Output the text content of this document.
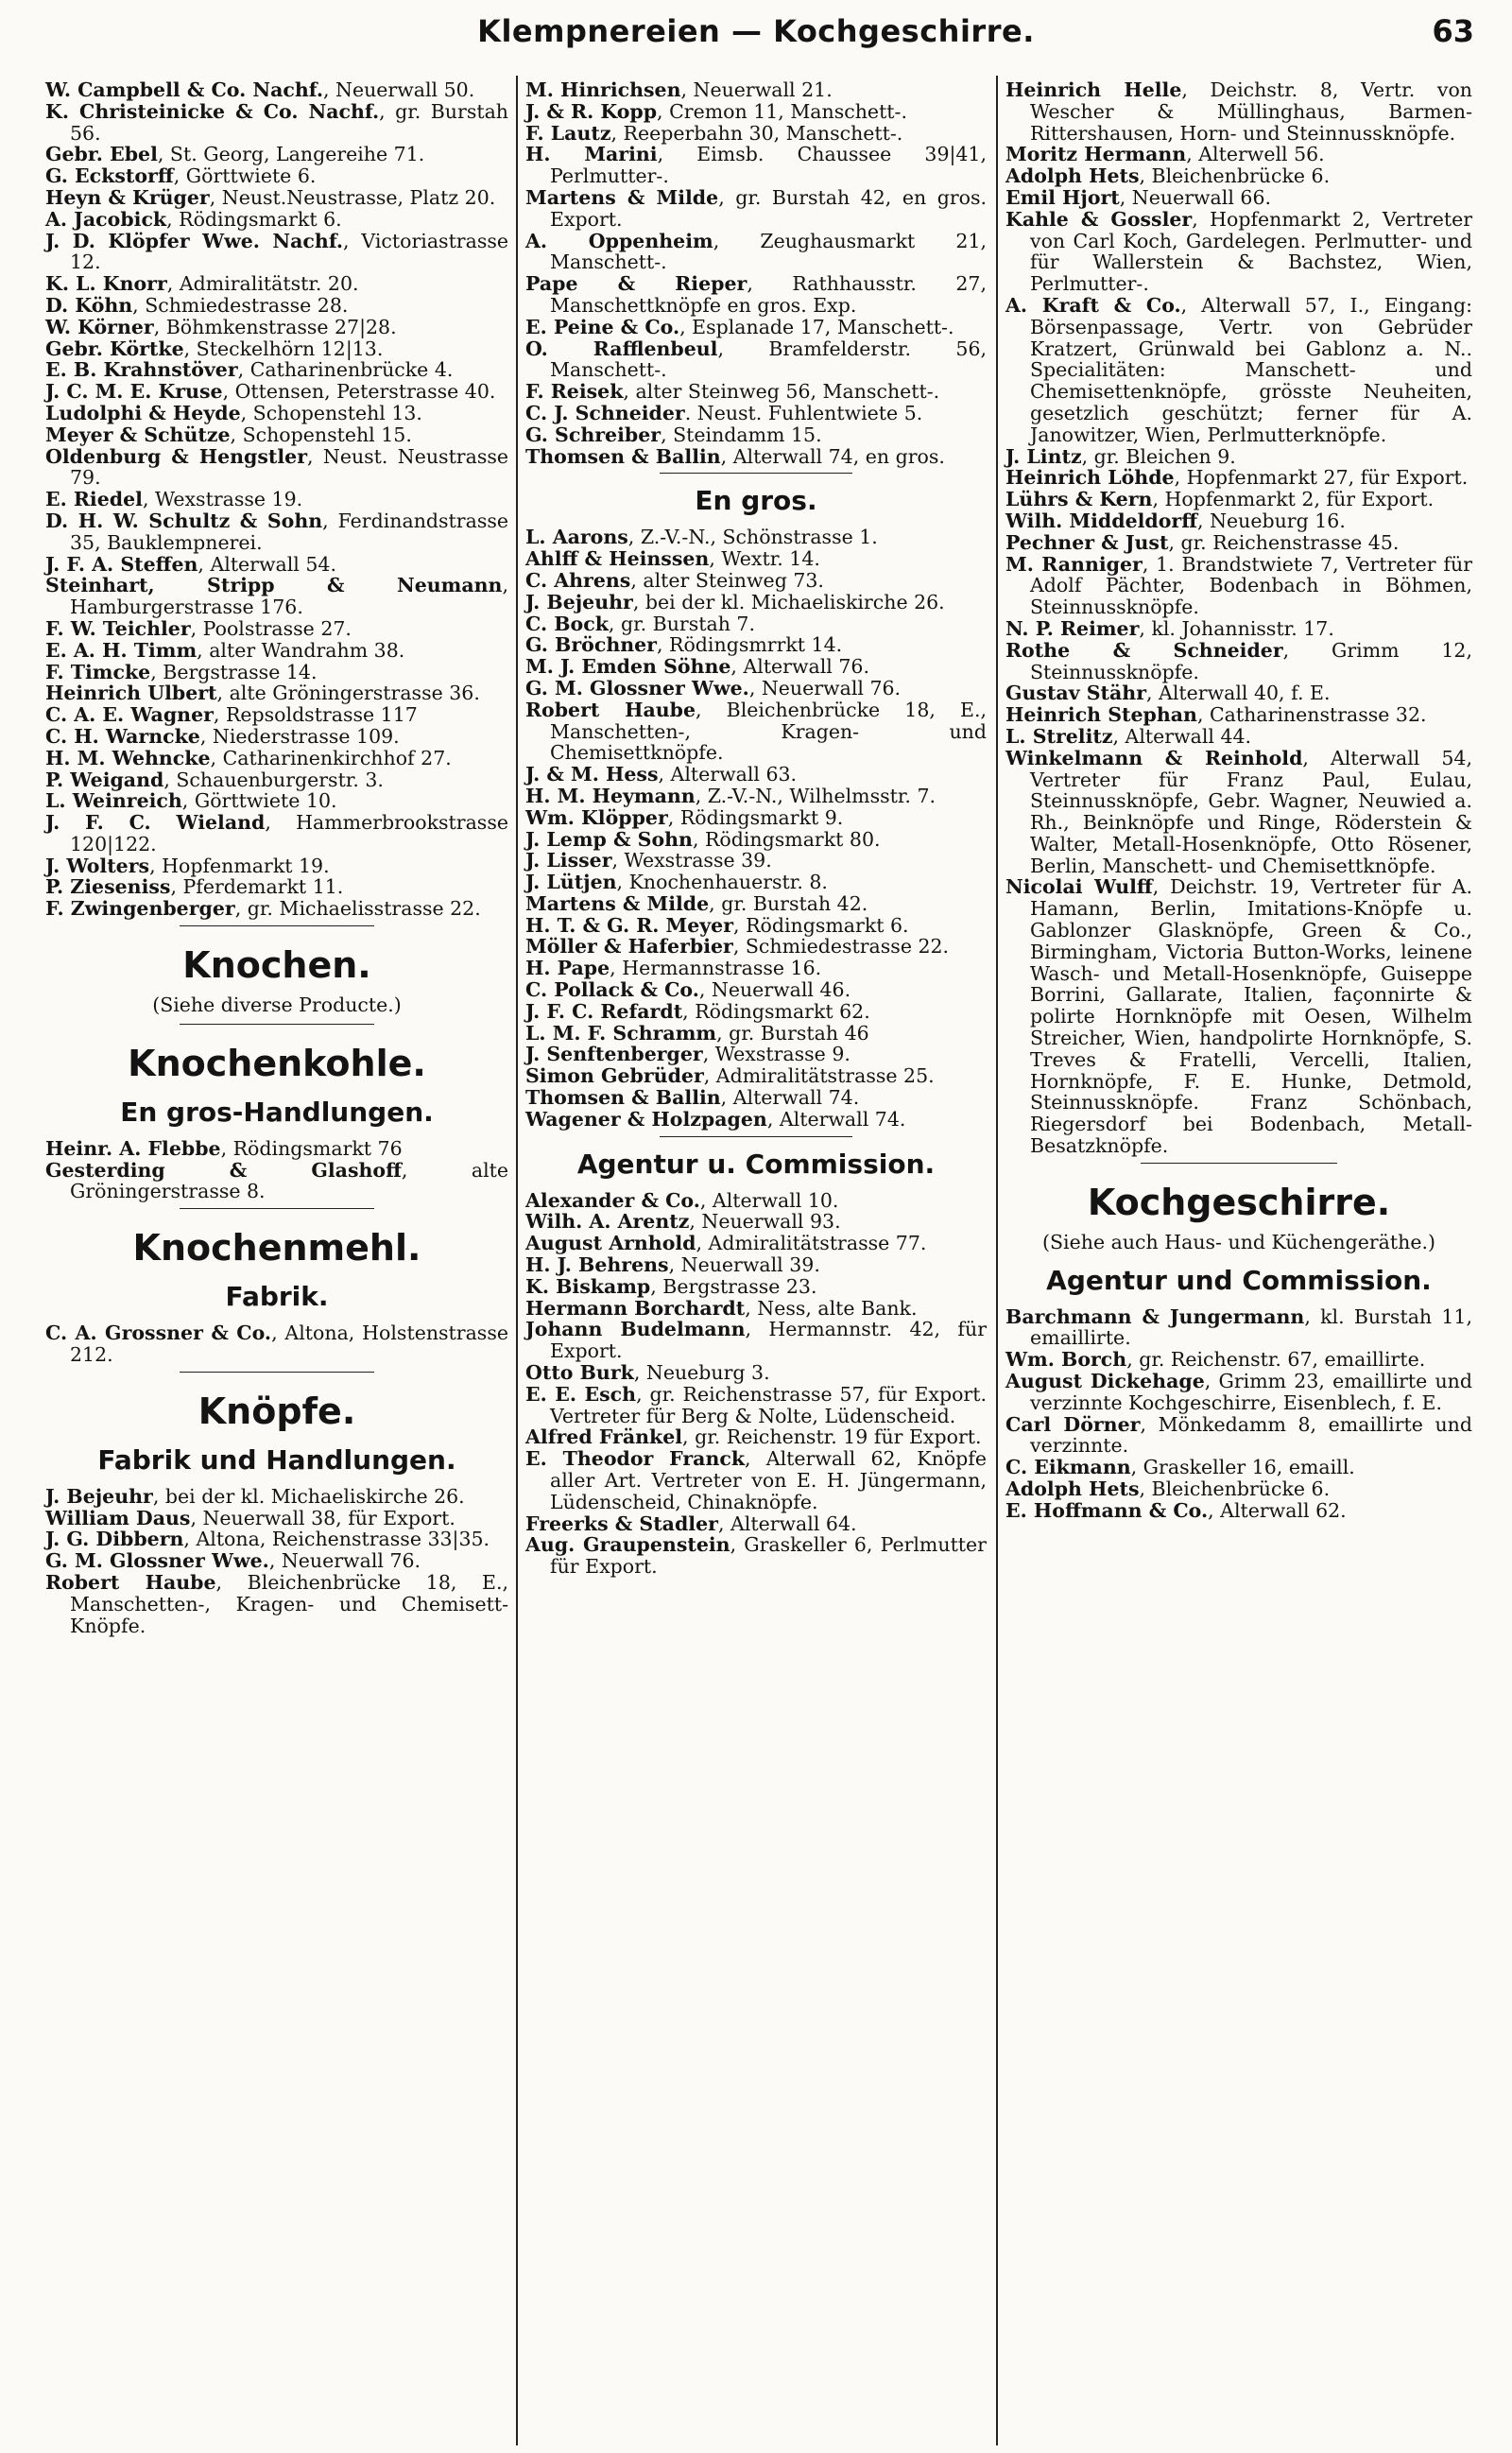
Klempnereien — Kochgeschirre.	63

W. Campbell & Co. Nachf., Neuerwall 50.

K. Christeinicke & Co. Nachf., gr. Burstah 56.

Gebr. Ebel, St. Georg, Langereihe 71.

G. Eckstorff, Görttwiete 6.

Heyn & Krüger, Neust.Neustrasse, Platz 20.

A. Jacobick, Rödingsmarkt 6.

J. D. Klöpfer Wwe. Nachf., Victoriastrasse 12.

K. L. Knorr, Admiralitätstr. 20.

D. Köhn, Schmiedestrasse 28.

W. Körner, Böhmkenstrasse 27|28.

Gebr. Körtke, Steckelhörn 12|13.

E. B. Krahnstöver, Catharinenbrücke 4.

J. C. M. E. Kruse, Ottensen, Peterstrasse 40.

Ludolphi & Heyde, Schopenstehl 13.

Meyer & Schütze, Schopenstehl 15.

Oldenburg & Hengstler, Neust. Neustrasse 79.

E. Riedel, Wexstrasse 19.

D. H. W. Schultz & Sohn, Ferdinandstrasse 35, Bauklempnerei.

J. F. A. Steffen, Alterwall 54.

Steinhart, Stripp & Neumann, Hamburgerstrasse 176.

F. W. Teichler, Poolstrasse 27.

E. A. H. Timm, alter Wandrahm 38.

F. Timcke, Bergstrasse 14.

Heinrich Ulbert, alte Gröningerstrasse 36.

C. A. E. Wagner, Repsoldstrasse 117

C. H. Warncke, Niederstrasse 109.

H. M. Wehncke, Catharinenkirchhof 27.

P. Weigand, Schauenburgerstr. 3.

L. Weinreich, Görttwiete 10.

J. F. C. Wieland, Hammerbrookstrasse 120|122.

J. Wolters, Hopfenmarkt 19.

P. Zieseniss, Pferdemarkt 11.

F. Zwingenberger, gr. Michaelisstrasse 22.

Knochen.
(Siehe diverse Producte.)
Knochenkohle.
En gros-Handlungen.

Heinr. A. Flebbe, Rödingsmarkt 76

Gesterding & Glashoff, alte Gröningerstrasse 8.

Knochenmehl.
Fabrik.

C. A. Grossner & Co., Altona, Holstenstrasse 212.

Knöpfe.
Fabrik und Handlungen.

J. Bejeuhr, bei der kl. Michaeliskirche 26.

William Daus, Neuerwall 38, für Export.

J. G. Dibbern, Altona, Reichenstrasse 33|35.

G. M. Glossner Wwe., Neuerwall 76.

Robert Haube, Bleichenbrücke 18, E., Manschetten-, Kragen- und Chemisett-Knöpfe.

M. Hinrichsen, Neuerwall 21.

J. & R. Kopp, Cremon 11, Manschett-.

F. Lautz, Reeperbahn 30, Manschett-.

H. Marini, Eimsb. Chaussee 39|41, Perlmutter-.

Martens & Milde, gr. Burstah 42, en gros. Export.

A. Oppenheim, Zeughausmarkt 21, Manschett-.

Pape & Rieper, Rathhausstr. 27, Manschettknöpfe en gros. Exp.

E. Peine & Co., Esplanade 17, Manschett-.

O. Rafflenbeul, Bramfelderstr. 56, Manschett-.

F. Reisek, alter Steinweg 56, Manschett-.

C. J. Schneider. Neust. Fuhlentwiete 5.

G. Schreiber, Steindamm 15.

Thomsen & Ballin, Alterwall 74, en gros.

En gros.

L. Aarons, Z.-V.-N., Schönstrasse 1.

Ahlff & Heinssen, Wextr. 14.

C. Ahrens, alter Steinweg 73.

J. Bejeuhr, bei der kl. Michaeliskirche 26.

C. Bock, gr. Burstah 7.

G. Bröchner, Rödingsmrrkt 14.

M. J. Emden Söhne, Alterwall 76.

G. M. Glossner Wwe., Neuerwall 76.

Robert Haube, Bleichenbrücke 18, E., Manschetten-, Kragen- und Chemisettknöpfe.

J. & M. Hess, Alterwall 63.

H. M. Heymann, Z.-V.-N., Wilhelmsstr. 7.

Wm. Klöpper, Rödingsmarkt 9.

J. Lemp & Sohn, Rödingsmarkt 80.

J. Lisser, Wexstrasse 39.

J. Lütjen, Knochenhauerstr. 8.

Martens & Milde, gr. Burstah 42.

H. T. & G. R. Meyer, Rödingsmarkt 6.

Möller & Haferbier, Schmiedestrasse 22.

H. Pape, Hermannstrasse 16.

C. Pollack & Co., Neuerwall 46.

J. F. C. Refardt, Rödingsmarkt 62.

L. M. F. Schramm, gr. Burstah 46

J. Senftenberger, Wexstrasse 9.

Simon Gebrüder, Admiralitätstrasse 25.

Thomsen & Ballin, Alterwall 74.

Wagener & Holzpagen, Alterwall 74.

Agentur u. Commission.

Alexander & Co., Alterwall 10.

Wilh. A. Arentz, Neuerwall 93.

August Arnhold, Admiralitätstrasse 77.

H. J. Behrens, Neuerwall 39.

K. Biskamp, Bergstrasse 23.

Hermann Borchardt, Ness, alte Bank.

Johann Budelmann, Hermannstr. 42, für Export.

Otto Burk, Neueburg 3.

E. E. Esch, gr. Reichenstrasse 57, für Export. Vertreter für Berg & Nolte, Lüdenscheid.

Alfred Fränkel, gr. Reichenstr. 19 für Export.

E. Theodor Franck, Alterwall 62, Knöpfe aller Art. Vertreter von E. H. Jüngermann, Lüdenscheid, Chinaknöpfe.

Freerks & Stadler, Alterwall 64.

Aug. Graupenstein, Graskeller 6, Perlmutter für Export.

Heinrich Helle, Deichstr. 8, Vertr. von Wescher & Müllinghaus, Barmen-Rittershausen, Horn- und Steinnussknöpfe.

Moritz Hermann, Alterwell 56.

Adolph Hets, Bleichenbrücke 6.

Emil Hjort, Neuerwall 66.

Kahle & Gossler, Hopfenmarkt 2, Vertreter von Carl Koch, Gardelegen. Perlmutter- und für Wallerstein & Bachstez, Wien, Perlmutter-.

A. Kraft & Co., Alterwall 57, I., Eingang: Börsenpassage, Vertr. von Gebrüder Kratzert, Grünwald bei Gablonz a. N.. Specialitäten: Manschett- und Chemisettenknöpfe, grösste Neuheiten, gesetzlich geschützt; ferner für A. Janowitzer, Wien, Perlmutterknöpfe.

J. Lintz, gr. Bleichen 9.

Heinrich Löhde, Hopfenmarkt 27, für Export.

Lührs & Kern, Hopfenmarkt 2, für Export.

Wilh. Middeldorff, Neueburg 16.

Pechner & Just, gr. Reichenstrasse 45.

M. Ranniger, 1. Brandstwiete 7, Vertreter für Adolf Pächter, Bodenbach in Böhmen, Steinnussknöpfe.

N. P. Reimer, kl. Johannisstr. 17.

Rothe & Schneider, Grimm 12, Steinnussknöpfe.

Gustav Stähr, Alterwall 40, f. E.

Heinrich Stephan, Catharinenstrasse 32.

L. Strelitz, Alterwall 44.

Winkelmann & Reinhold, Alterwall 54, Vertreter für Franz Paul, Eulau, Steinnussknöpfe, Gebr. Wagner, Neuwied a. Rh., Beinknöpfe und Ringe, Röderstein & Walter, Metall-Hosenknöpfe, Otto Rösener, Berlin, Manschett- und Chemisettknöpfe.

Nicolai Wulff, Deichstr. 19, Vertreter für A. Hamann, Berlin, Imitations-Knöpfe u. Gablonzer Glasknöpfe, Green & Co., Birmingham, Victoria Button-Works, leinene Wasch- und Metall-Hosenknöpfe, Guiseppe Borrini, Gallarate, Italien, façonnirte & polirte Hornknöpfe mit Oesen, Wilhelm Streicher, Wien, handpolirte Hornknöpfe, S. Treves & Fratelli, Vercelli, Italien, Hornknöpfe, F. E. Hunke, Detmold, Steinnussknöpfe. Franz Schönbach, Riegersdorf bei Bodenbach, Metall-Besatzknöpfe.

Kochgeschirre.
(Siehe auch Haus- und Küchengeräthe.)
Agentur und Commission.

Barchmann & Jungermann, kl. Burstah 11, emaillirte.

Wm. Borch, gr. Reichenstr. 67, emaillirte.

August Dickehage, Grimm 23, emaillirte und verzinnte Kochgeschirre, Eisenblech, f. E.

Carl Dörner, Mönkedamm 8, emaillirte und verzinnte.

C. Eikmann, Graskeller 16, emaill.

Adolph Hets, Bleichenbrücke 6.

E. Hoffmann & Co., Alterwall 62.
